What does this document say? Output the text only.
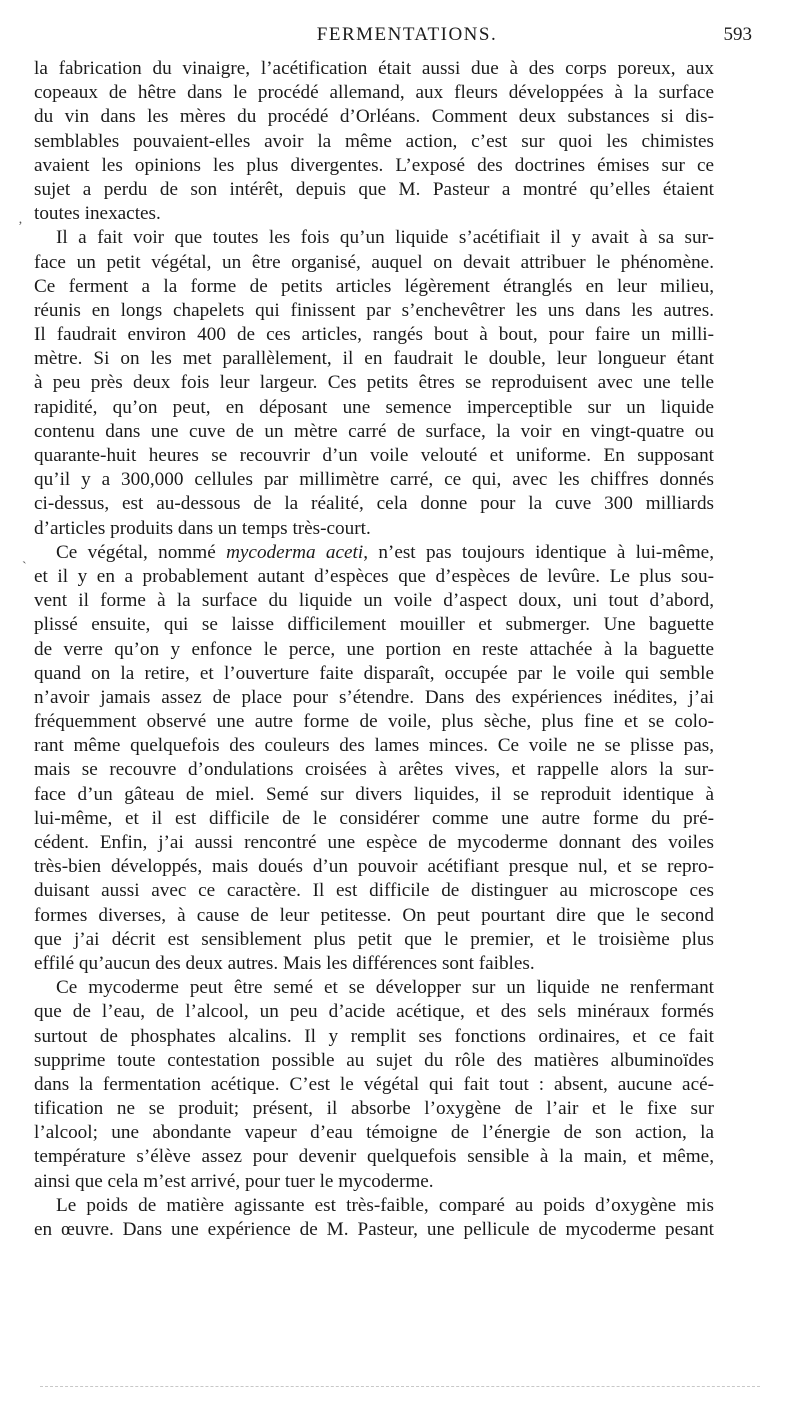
FERMENTATIONS.	593
la fabrication du vinaigre, l’acétification était aussi due à des corps poreux, aux
copeaux de hêtre dans le procédé allemand, aux fleurs développées à la surface
du vin dans les mères du procédé d’Orléans. Comment deux substances si dis-
semblables pouvaient-elles avoir la même action, c’est sur quoi les chimistes
avaient les opinions les plus divergentes. L’exposé des doctrines émises sur ce
sujet a perdu de son intérêt, depuis que M. Pasteur a montré qu’elles étaient
toutes inexactes.
Il a fait voir que toutes les fois qu’un liquide s’acétifiait il y avait à sa sur-
face un petit végétal, un être organisé, auquel on devait attribuer le phénomène.
Ce ferment a la forme de petits articles légèrement étranglés en leur milieu,
réunis en longs chapelets qui finissent par s’enchevêtrer les uns dans les autres.
Il faudrait environ 400 de ces articles, rangés bout à bout, pour faire un milli-
mètre. Si on les met parallèlement, il en faudrait le double, leur longueur étant
à peu près deux fois leur largeur. Ces petits êtres se reproduisent avec une telle
rapidité, qu’on peut, en déposant une semence imperceptible sur un liquide
contenu dans une cuve de un mètre carré de surface, la voir en vingt-quatre ou
quarante-huit heures se recouvrir d’un voile velouté et uniforme. En supposant
qu’il y a 300,000 cellules par millimètre carré, ce qui, avec les chiffres donnés
ci-dessus, est au-dessous de la réalité, cela donne pour la cuve 300 milliards
d’articles produits dans un temps très-court.
Ce végétal, nommé mycoderma aceti, n’est pas toujours identique à lui-même,
et il y en a probablement autant d’espèces que d’espèces de levûre. Le plus sou-
vent il forme à la surface du liquide un voile d’aspect doux, uni tout d’abord,
plissé ensuite, qui se laisse difficilement mouiller et submerger. Une baguette
de verre qu’on y enfonce le perce, une portion en reste attachée à la baguette
quand on la retire, et l’ouverture faite disparaît, occupée par le voile qui semble
n’avoir jamais assez de place pour s’étendre. Dans des expériences inédites, j’ai
fréquemment observé une autre forme de voile, plus sèche, plus fine et se colo-
rant même quelquefois des couleurs des lames minces. Ce voile ne se plisse pas,
mais se recouvre d’ondulations croisées à arêtes vives, et rappelle alors la sur-
face d’un gâteau de miel. Semé sur divers liquides, il se reproduit identique à
lui-même, et il est difficile de le considérer comme une autre forme du pré-
cédent. Enfin, j’ai aussi rencontré une espèce de mycoderme donnant des voiles
très-bien développés, mais doués d’un pouvoir acétifiant presque nul, et se repro-
duisant aussi avec ce caractère. Il est difficile de distinguer au microscope ces
formes diverses, à cause de leur petitesse. On peut pourtant dire que le second
que j’ai décrit est sensiblement plus petit que le premier, et le troisième plus
effilé qu’aucun des deux autres. Mais les différences sont faibles.
Ce mycoderme peut être semé et se développer sur un liquide ne renfermant
que de l’eau, de l’alcool, un peu d’acide acétique, et des sels minéraux formés
surtout de phosphates alcalins. Il y remplit ses fonctions ordinaires, et ce fait
supprime toute contestation possible au sujet du rôle des matières albuminoïdes
dans la fermentation acétique. C’est le végétal qui fait tout : absent, aucune acé-
tification ne se produit; présent, il absorbe l’oxygène de l’air et le fixe sur
l’alcool; une abondante vapeur d’eau témoigne de l’énergie de son action, la
température s’élève assez pour devenir quelquefois sensible à la main, et même,
ainsi que cela m’est arrivé, pour tuer le mycoderme.
Le poids de matière agissante est très-faible, comparé au poids d’oxygène mis
en œuvre. Dans une expérience de M. Pasteur, une pellicule de mycoderme pesant
‚
ˋ
